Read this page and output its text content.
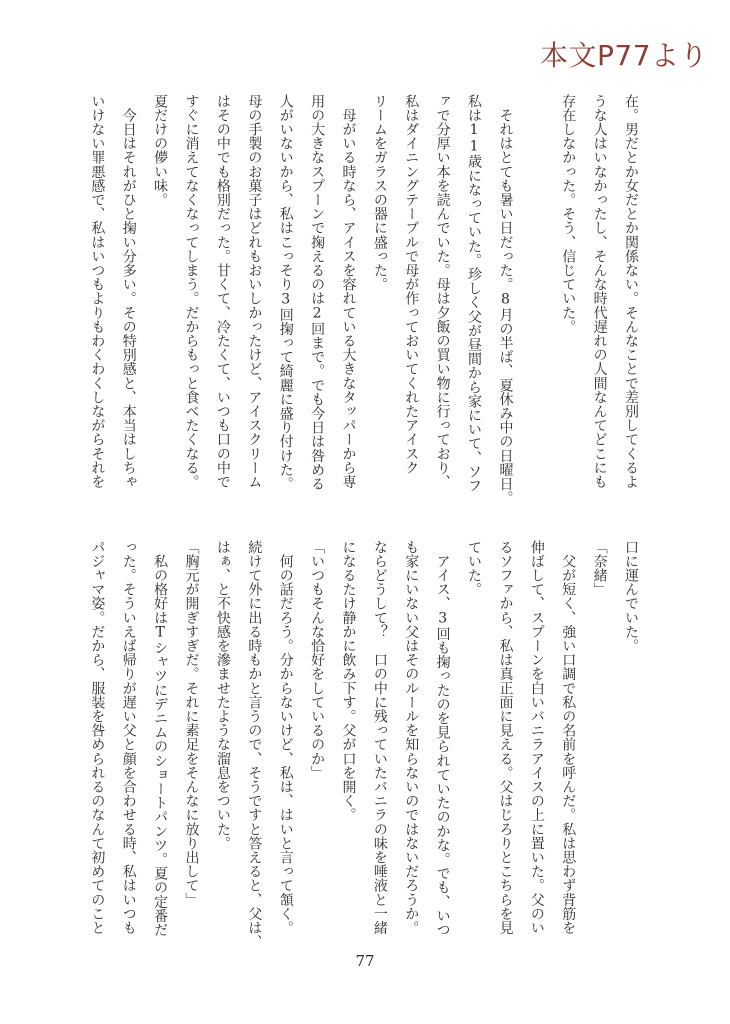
本文P77より
在。男だとか女だとか関係ない。そんなことで差別してくるよ
うな人はいなかったし、そんな時代遅れの人間なんてどこにも
存在しなかった。そう、信じていた。
　それはとても暑い日だった。8月の半ば、夏休み中の日曜日。
私は11歳になっていた。珍しく父が昼間から家にいて、ソフ
ァで分厚い本を読んでいた。母は夕飯の買い物に行っており、
私はダイニングテーブルで母が作っておいてくれたアイスク
リームをガラスの器に盛った。
　母がいる時なら、アイスを容れている大きなタッパーから専
用の大きなスプーンで掬えるのは2回まで。でも今日は咎める
人がいないから、私はこっそり3回掬って綺麗に盛り付けた。
母の手製のお菓子はどれもおいしかったけど、アイスクリーム
はその中でも格別だった。甘くて、冷たくて、いつも口の中で
すぐに消えてなくなってしまう。だからもっと食べたくなる。
夏だけの儚い味。
　今日はそれがひと掬い分多い。その特別感と、本当はしちゃ
いけない罪悪感で、私はいつもよりもわくわくしながらそれを
口に運んでいた。
「奈緒」
　父が短く、強い口調で私の名前を呼んだ。私は思わず背筋を
伸ばして、スプーンを白いバニラアイスの上に置いた。父のい
るソファから、私は真正面に見える。父はじろりとこちらを見
ていた。
　アイス、3回も掬ったのを見られていたのかな。でも、いつ
も家にいない父はそのルールを知らないのではないだろうか。
ならどうして？　口の中に残っていたバニラの味を唾液と一緒
になるたけ静かに飲み下す。父が口を開く。
「いつもそんな恰好をしているのか」
　何の話だろう。分からないけど、私は、はいと言って頷く。
続けて外に出る時もかと言うので、そうですと答えると、父は、
はぁ、と不快感を滲ませたような溜息をついた。
「胸元が開ぎすぎだ。それに素足をそんなに放り出して」
　私の格好はTシャツにデニムのショートパンツ。夏の定番だ
った。そういえば帰りが遅い父と顔を合わせる時、私はいつも
パジャマ姿。だから、服装を咎められるのなんて初めてのこと
77
